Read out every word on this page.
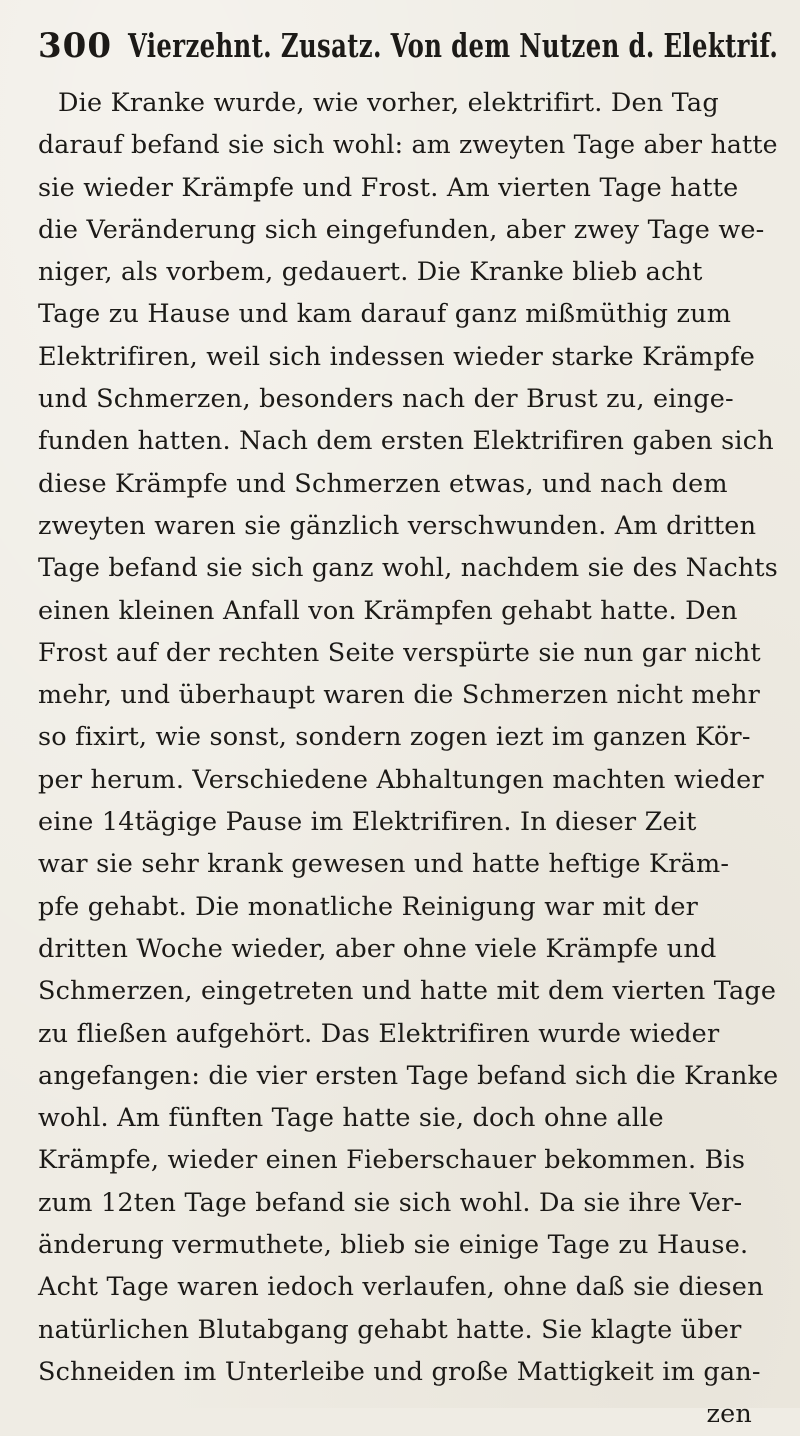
300 Vierzehnt. Zusatz. Von dem Nutzen d. Elektrif.
Die Kranke wurde, wie vorher, elektrifirt. Den Tag
darauf befand sie sich wohl: am zweyten Tage aber hatte
sie wieder Krämpfe und Frost. Am vierten Tage hatte
die Veränderung sich eingefunden, aber zwey Tage we-
niger, als vorbem, gedauert. Die Kranke blieb acht
Tage zu Hause und kam darauf ganz mißmüthig zum
Elektrifiren, weil sich indessen wieder starke Krämpfe
und Schmerzen, besonders nach der Brust zu, einge-
funden hatten. Nach dem ersten Elektrifiren gaben sich
diese Krämpfe und Schmerzen etwas, und nach dem
zweyten waren sie gänzlich verschwunden. Am dritten
Tage befand sie sich ganz wohl, nachdem sie des Nachts
einen kleinen Anfall von Krämpfen gehabt hatte. Den
Frost auf der rechten Seite verspürte sie nun gar nicht
mehr, und überhaupt waren die Schmerzen nicht mehr
so fixirt, wie sonst, sondern zogen iezt im ganzen Kör-
per herum. Verschiedene Abhaltungen machten wieder
eine 14tägige Pause im Elektrifiren. In dieser Zeit
war sie sehr krank gewesen und hatte heftige Kräm-
pfe gehabt. Die monatliche Reinigung war mit der
dritten Woche wieder, aber ohne viele Krämpfe und
Schmerzen, eingetreten und hatte mit dem vierten Tage
zu fließen aufgehört. Das Elektrifiren wurde wieder
angefangen: die vier ersten Tage befand sich die Kranke
wohl. Am fünften Tage hatte sie, doch ohne alle
Krämpfe, wieder einen Fieberschauer bekommen. Bis
zum 12ten Tage befand sie sich wohl. Da sie ihre Ver-
änderung vermuthete, blieb sie einige Tage zu Hause.
Acht Tage waren iedoch verlaufen, ohne daß sie diesen
natürlichen Blutabgang gehabt hatte. Sie klagte über
Schneiden im Unterleibe und große Mattigkeit im gan-
zen
